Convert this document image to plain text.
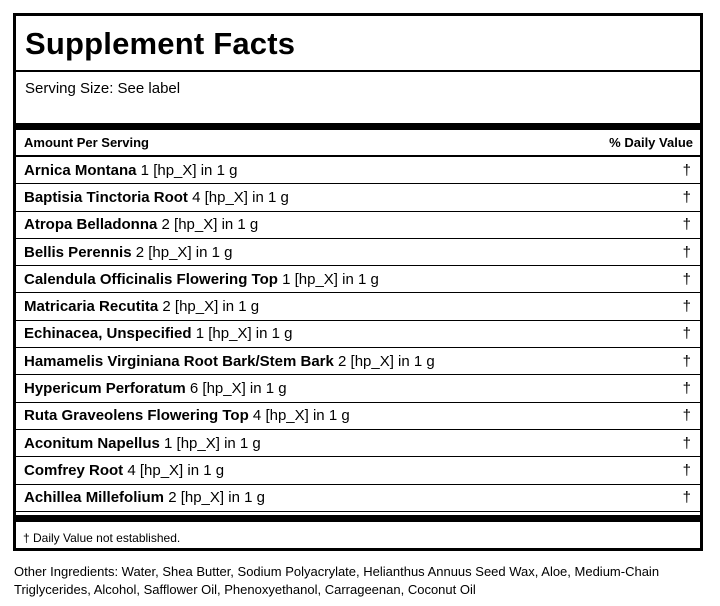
Supplement Facts
Serving Size: See label
Amount Per Serving	% Daily Value
Arnica Montana 1 [hp_X] in 1 g	†
Baptisia Tinctoria Root 4 [hp_X] in 1 g	†
Atropa Belladonna 2 [hp_X] in 1 g	†
Bellis Perennis 2 [hp_X] in 1 g	†
Calendula Officinalis Flowering Top 1 [hp_X] in 1 g	†
Matricaria Recutita 2 [hp_X] in 1 g	†
Echinacea, Unspecified 1 [hp_X] in 1 g	†
Hamamelis Virginiana Root Bark/Stem Bark 2 [hp_X] in 1 g	†
Hypericum Perforatum 6 [hp_X] in 1 g	†
Ruta Graveolens Flowering Top 4 [hp_X] in 1 g	†
Aconitum Napellus 1 [hp_X] in 1 g	†
Comfrey Root 4 [hp_X] in 1 g	†
Achillea Millefolium 2 [hp_X] in 1 g	†
† Daily Value not established.
Other Ingredients: Water, Shea Butter, Sodium Polyacrylate, Helianthus Annuus Seed Wax, Aloe, Medium-Chain Triglycerides, Alcohol, Safflower Oil, Phenoxyethanol, Carrageenan, Coconut Oil
